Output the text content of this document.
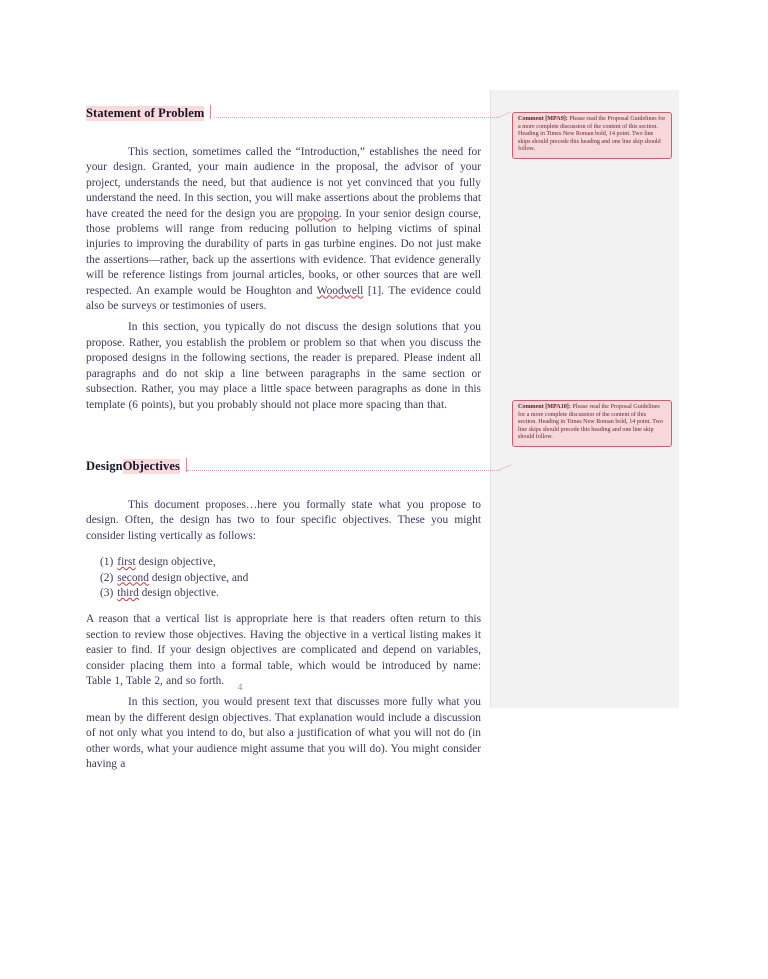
Statement of Problem

This section, sometimes called the “Introduction,” establishes the need for your design. Granted, your main audience in the proposal, the advisor of your project, understands the need, but that audience is not yet convinced that you fully understand the need. In this section, you will make assertions about the problems that have created the need for the design you are propoing. In your senior design course, those problems will range from reducing pollution to helping victims of spinal injuries to improving the durability of parts in gas turbine engines. Do not just make the assertions—rather, back up the assertions with evidence. That evidence generally will be reference listings from journal articles, books, or other sources that are well respected. An example would be Houghton and Woodwell [1]. The evidence could also be surveys or testimonies of users.

In this section, you typically do not discuss the design solutions that you propose. Rather, you establish the problem or problem so that when you discuss the proposed designs in the following sections, the reader is prepared. Please indent all paragraphs and do not skip a line between paragraphs in the same section or subsection. Rather, you may place a little space between paragraphs as done in this template (6 points), but you probably should not place more spacing than that.

DesignObjectives

This document proposes…here you formally state what you propose to design. Often, the design has two to four specific objectives. These you might consider listing vertically as follows:

(1) first design objective,
(2) second design objective, and
(3) third design objective.

A reason that a vertical list is appropriate here is that readers often return to this section to review those objectives. Having the objective in a vertical listing makes it easier to find. If your design objectives are complicated and depend on variables, consider placing them into a formal table, which would be introduced by name: Table 1, Table 2, and so forth.

In this section, you would present text that discusses more fully what you mean by the different design objectives. That explanation would include a discussion of not only what you intend to do, but also a justification of what you will not do (in other words, what your audience might assume that you will do). You might consider having a

Comment [MPA9]: Please read the Proposal Guidelines for a more complete discussion of the content of this section. Heading in Times New Roman bold, 14 point. Two line skips should precede this heading and one line skip should follow.

Comment [MPA10]: Please read the Proposal Guidelines for a more complete discussion of the content of this section. Heading in Times New Roman bold, 14 point. Two line skips should precede this heading and one line skip should follow.

4
